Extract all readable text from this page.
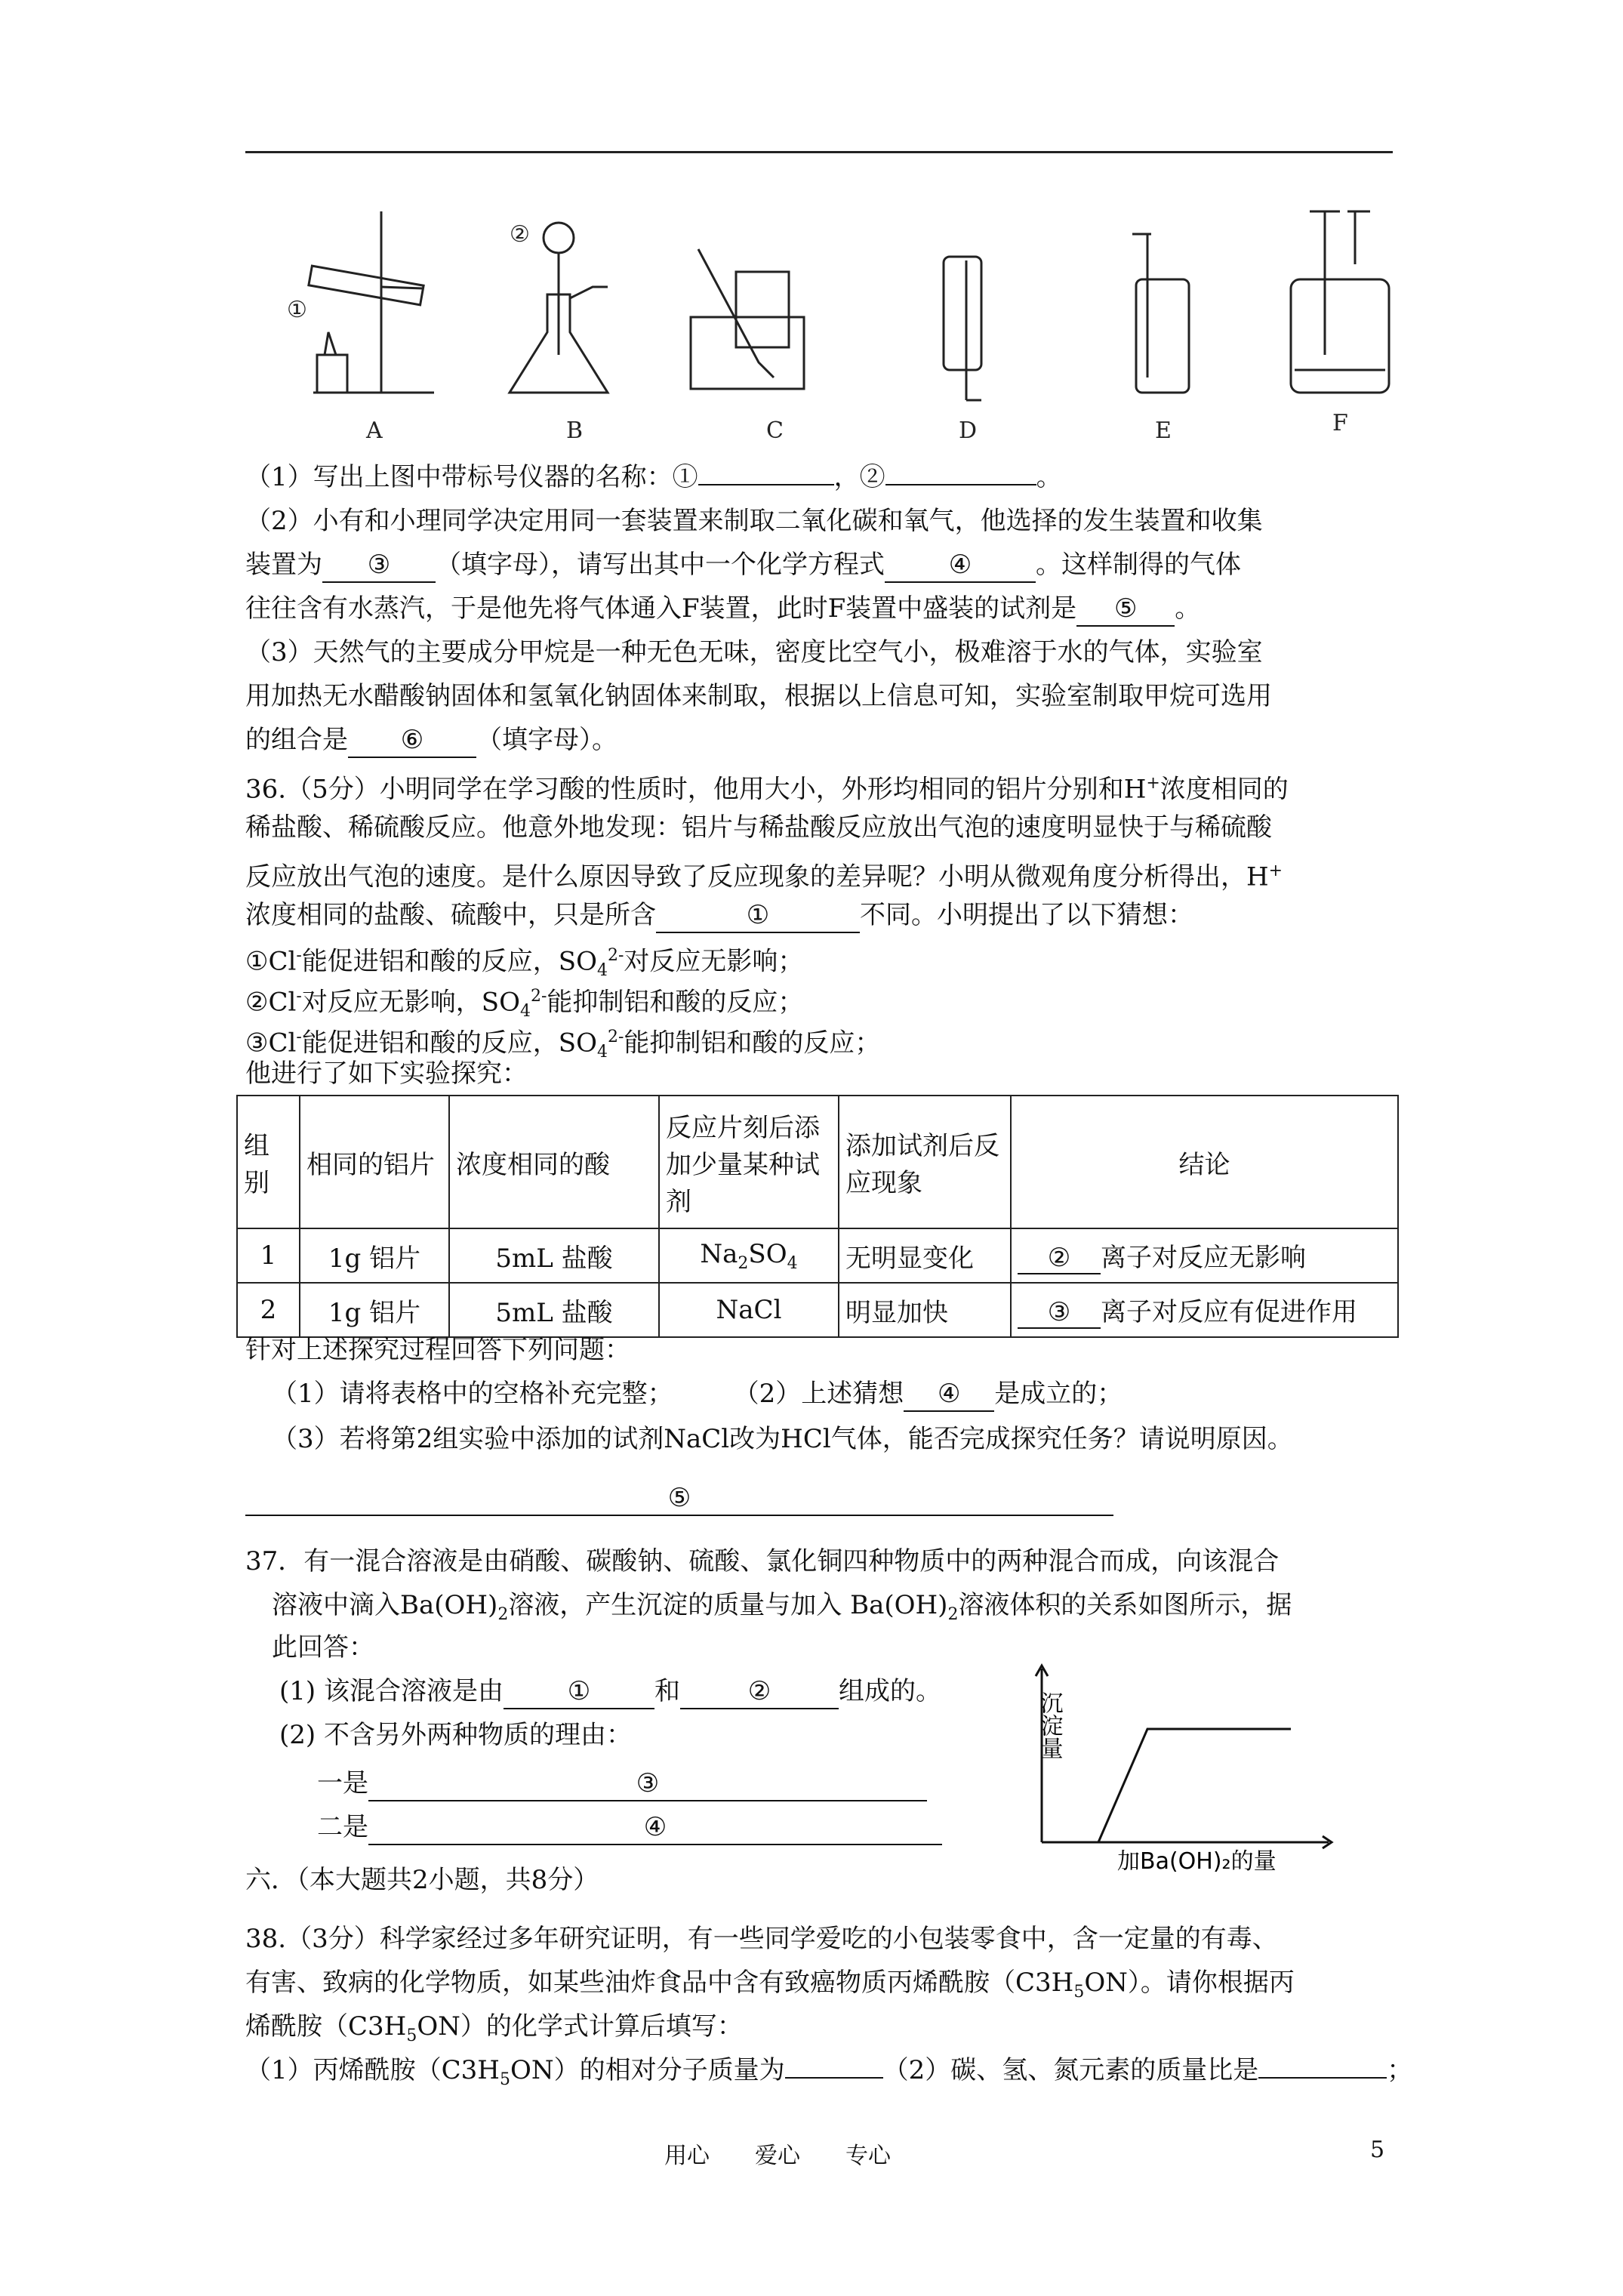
①
②
A	B	C	D	E	F
（1）写出上图中带标号仪器的名称：①	，②	。
（2）小有和小理同学决定用同一套装置来制取二氧化碳和氧气，他选择的发生装置和收集
装置为 ③ （填字母），请写出其中一个化学方程式 ④ 。这样制得的气体
往往含有水蒸汽，于是他先将气体通入F装置，此时F装置中盛装的试剂是 ⑤ 。
（3）天然气的主要成分甲烷是一种无色无味，密度比空气小，极难溶于水的气体，实验室
用加热无水醋酸钠固体和氢氧化钠固体来制取，根据以上信息可知，实验室制取甲烷可选用
的组合是 ⑥ （填字母）。
36.（5分）小明同学在学习酸的性质时，他用大小，外形均相同的铝片分别和H+浓度相同的
稀盐酸、稀硫酸反应。他意外地发现：铝片与稀盐酸反应放出气泡的速度明显快于与稀硫酸
反应放出气泡的速度。是什么原因导致了反应现象的差异呢？小明从微观角度分析得出，H+
浓度相同的盐酸、硫酸中，只是所含	①	不同。小明提出了以下猜想：
①Cl-能促进铝和酸的反应，$SO_4^{2-}$对反应无影响；
②Cl-对反应无影响，$SO_4^{2-}$能抑制铝和酸的反应；
③Cl-能促进铝和酸的反应，$SO_4^{2-}$能抑制铝和酸的反应；
他进行了如下实验探究：
组别	相同的铝片	浓度相同的酸	反应片刻后添加少量某种试剂	添加试剂后反应现象	结论
1	1g 铝片	5mL 盐酸	$Na_2SO_4$	无明显变化	② 离子对反应无影响
2	1g 铝片	5mL 盐酸	NaCl	明显加快	③ 离子对反应有促进作用
针对上述探究过程回答下列问题：
（1）请将表格中的空格补充完整； （2）上述猜想 ④ 是成立的；
（3）若将第2组实验中添加的试剂NaCl改为HCl气体，能否完成探究任务？请说明原因。
⑤
37．有一混合溶液是由硝酸、碳酸钠、硫酸、氯化铜四种物质中的两种混合而成，向该混合
溶液中滴入$Ba(OH)_2$溶液，产生沉淀的质量与加入 $Ba(OH)_2$溶液体积的关系如图所示，据
此回答：
(1) 该混合溶液是由 ① 和	②	组成的。
(2) 不含另外两种物质的理由：
一是	③
二是	④
沉淀量
加Ba(OH)₂的量
六．（本大题共2小题，共8分）
38.（3分）科学家经过多年研究证明，有一些同学爱吃的小包装零食中，含一定量的有毒、
有害、致病的化学物质，如某些油炸食品中含有致癌物质丙烯酰胺$(C3H_5ON)$。请你根据丙
烯酰胺$(C3H_5ON)$的化学式计算后填写：
（1）丙烯酰胺$(C3H_5ON)$的相对分子质量为	（2）碳、氢、氮元素的质量比是	；
用心　　爱心　　专心	5
